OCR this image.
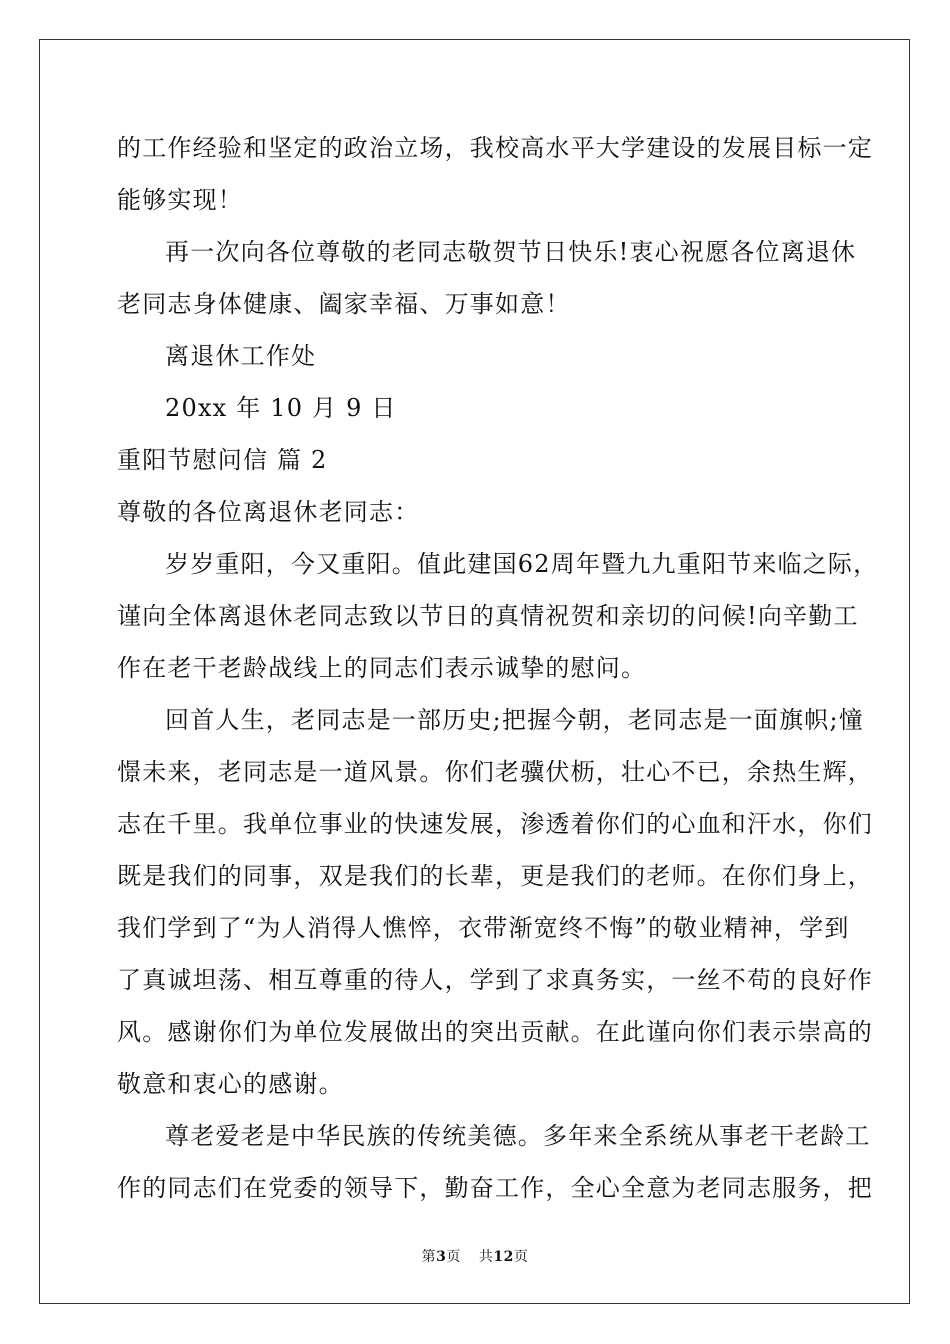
的工作经验和坚定的政治立场，我校高水平大学建设的发展目标一定
能够实现！
再一次向各位尊敬的老同志敬贺节日快乐!衷心祝愿各位离退休
老同志身体健康、阖家幸福、万事如意！
离退休工作处
20xx 年 10 月 9 日
重阳节慰问信 篇 2
尊敬的各位离退休老同志：
岁岁重阳，今又重阳。值此建国62周年暨九九重阳节来临之际，
谨向全体离退休老同志致以节日的真情祝贺和亲切的问候!向辛勤工
作在老干老龄战线上的同志们表示诚挚的慰问。
回首人生，老同志是一部历史;把握今朝，老同志是一面旗帜;憧
憬未来，老同志是一道风景。你们老骥伏枥，壮心不已，余热生辉，
志在千里。我单位事业的快速发展，渗透着你们的心血和汗水，你们
既是我们的同事，双是我们的长辈，更是我们的老师。在你们身上，
我们学到了“为人消得人憔悴，衣带渐宽终不悔”的敬业精神，学到
了真诚坦荡、相互尊重的待人，学到了求真务实，一丝不苟的良好作
风。感谢你们为单位发展做出的突出贡献。在此谨向你们表示崇高的
敬意和衷心的感谢。
尊老爱老是中华民族的传统美德。多年来全系统从事老干老龄工
作的同志们在党委的领导下，勤奋工作，全心全意为老同志服务，把
第3页 共12页
